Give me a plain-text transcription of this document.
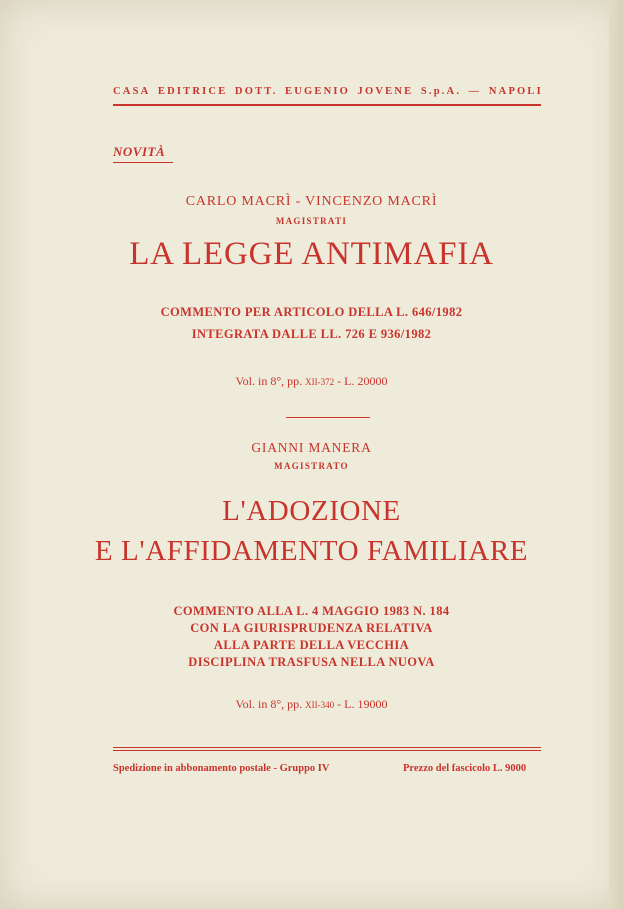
CASA EDITRICE DOTT. EUGENIO JOVENE S.p.A. — NAPOLI
NOVITÀ
CARLO MACRÌ - VINCENZO MACRÌ
MAGISTRATI
LA LEGGE ANTIMAFIA
COMMENTO PER ARTICOLO DELLA L. 646/1982
INTEGRATA DALLE LL. 726 E 936/1982
Vol. in 8°, pp. XII-372 - L. 20000
GIANNI MANERA
MAGISTRATO
L'ADOZIONE
E L'AFFIDAMENTO FAMILIARE
COMMENTO ALLA L. 4 MAGGIO 1983 N. 184
CON LA GIURISPRUDENZA RELATIVA
ALLA PARTE DELLA VECCHIA
DISCIPLINA TRASFUSA NELLA NUOVA
Vol. in 8°, pp. XII-340 - L. 19000
Spedizione in abbonamento postale - Gruppo IV	Prezzo del fascicolo L. 9000
